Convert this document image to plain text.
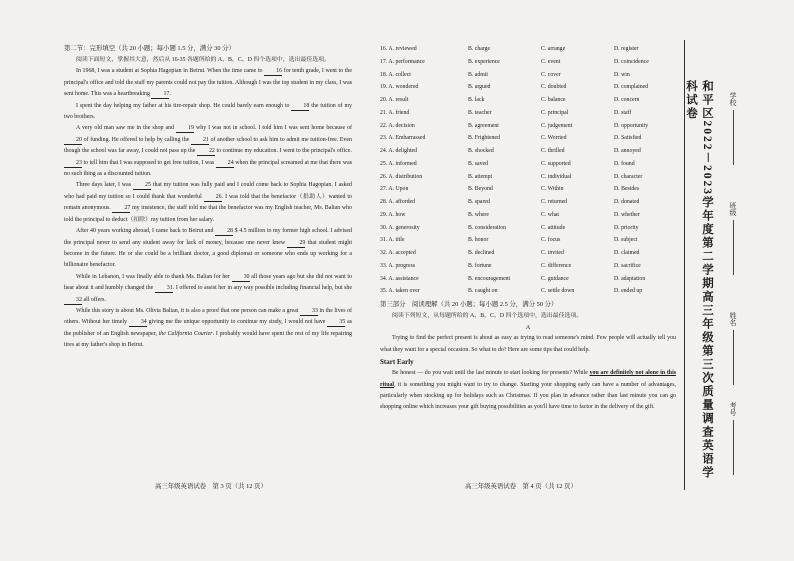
第二节：完形填空（共 20 小题；每小题 1.5 分，满分 30 分）

阅读下面短文，掌握其大意，然后从 16-35 各题所给的 A、B、C、D 四个选项中，选出最佳选项。

In 1968, I was a student at Sophia Hagopian in Beirut. When the time came to 16 for tenth grade, I went to the principal's office and told the staff my parents could not pay the tuition. Although I was the top student in my class, I was sent home. This was a heartbreaking 17.

I spent the day helping my father at his tire-repair shop. He could barely earn enough to 18 the tuition of my two brothers.

A very old man saw me in the shop and 19 why I was not in school. I told him I was sent home because of 20 of funding. He offered to help by calling the 21 of another school to ask him to admit me tuition-free. Even though the school was far away, I could not pass up the 22 to continue my education. I went to the principal's office. 23 to tell him that I was supposed to get free tuition, I was 24 when the principal screamed at me that there was no such thing as a discounted tuition.

Three days later, I was 25 that my tuition was fully paid and I could come back to Sophia Hagopian. I asked who had paid my tuition so I could thank that wonderful 26. I was told that the benefactor（捐助人）wanted to remain anonymous. 27 my insistence, the staff told me that the benefactor was my English teacher, Ms. Balian who told the principal to deduct（扣除）my tuition from her salary.

After 40 years working abroad, I came back to Beirut and 28 $ 4.5 million to my former high school. I advised the principal never to send any student away for lack of money, because one never knew 29 that student might become in the future. He or she could be a brilliant doctor, a good diplomat or someone who ends up working for a billionaire benefactor.

While in Lebanon, I was finally able to thank Ms. Balian for her 30 all those years ago but she did not want to hear about it and humbly changed the 31. I offered to assist her in any way possible including financial help, but she 32 all offers.

While this story is about Ms. Olivia Balian, it is also a proof that one person can make a great 33 in the lives of others. Without her timely 34 giving me the unique opportunity to continue my study, I would not have 35 as the publisher of an English newspaper, the California Courier. I probably would have spent the rest of my life repairing tires at my father's shop in Beirut.

高三年级英语试卷　第 3 页（共 12 页）
16. A. reviewed	B. charge	C. arrange	D. register
17. A. performance	B. experience	C. event	D. coincidence
18. A. collect	B. admit	C. cover	D. win
19. A. wondered	B. argued	C. doubted	D. complained
20. A. result	B. lack	C. balance	D. concern
21. A. friend	B. teacher	C. principal	D. staff
22. A. decision	B. agreement	C. judgement	D. opportunity
23. A. Embarrassed	B. Frightened	C. Worried	D. Satisfied
24. A. delighted	B. shocked	C. thrilled	D. annoyed
25. A. informed	B. saved	C. supported	D. found
26. A. distribution	B. attempt	C. individual	D. character
27. A. Upon	B. Beyond	C. Within	D. Besides
28. A. afforded	B. spared	C. returned	D. donated
29. A. how	B. where	C. what	D. whether
30. A. generosity	B. consideration	C. attitude	D. priority
31. A. title	B. honor	C. focus	D. subject
32. A. accepted	B. declined	C. invited	D. claimed
33. A. progress	B. fortune	C. difference	D. sacrifice
34. A. assistance	B. encouragement	C. guidance	D. adaptation
35. A. taken over	B. caught on	C. settle down	D. ended up

第三部分　阅读理解（共 20 小题；每小题 2.5 分，满分 50 分）

阅读下列短文，从每题所给的 A、B、C、D 四个选项中，选出最佳选项。

A

Trying to find the perfect present is about as easy as trying to read someone's mind. Few people will actually tell you what they want for a special occasion. So what to do? Here are some tips that could help.

Start Early

Be honest — do you wait until the last minute to start looking for presents? While you are definitely not alone in this ritual, it is something you might want to try to change. Starting your shopping early can have a number of advantages, particularly when stocking up for holidays such as Christmas. If you plan in advance rather than last minute you can go shopping online which increases your gift buying possibilities as you'll have time to factor in the delivery of the gift.

高三年级英语试卷　第 4 页（共 12 页）
和平区2022－2023学年度第二学期高三年级第三次质量调查英语学科试卷	学校
班级
姓名
考号
